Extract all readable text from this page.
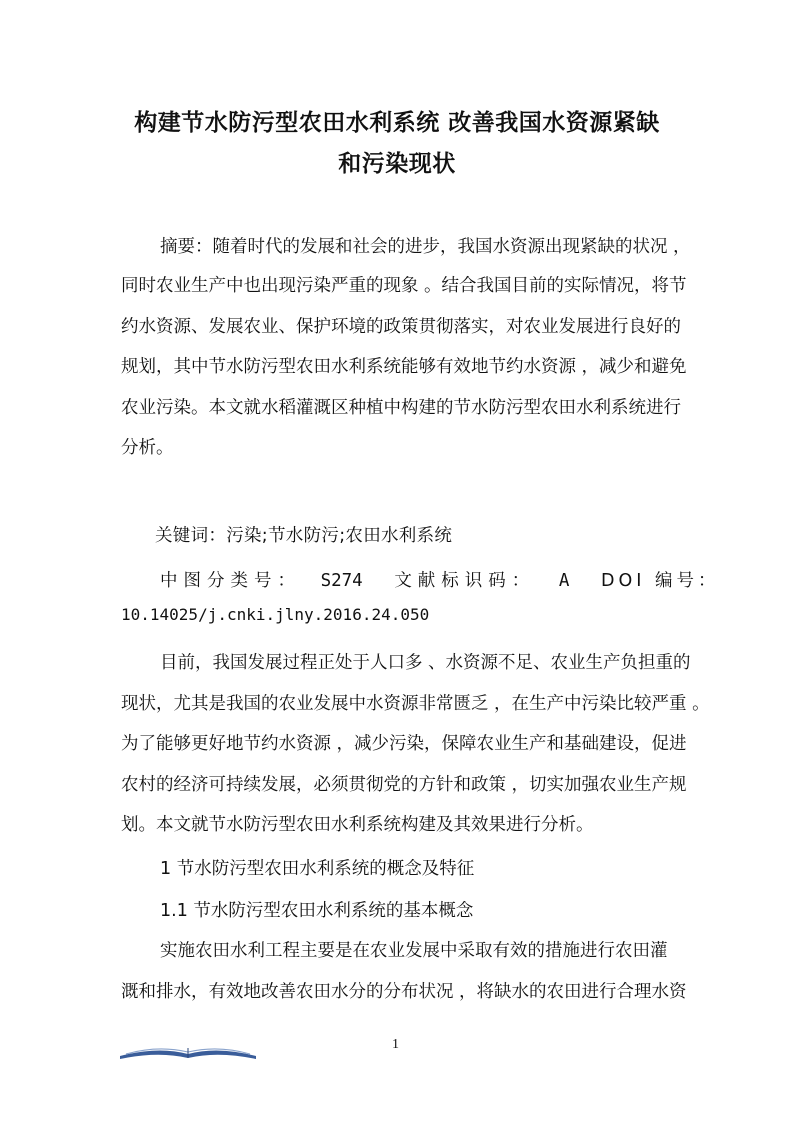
构建节水防污型农田水利系统 改善我国水资源紧缺
和污染现状
摘要：随着时代的发展和社会的进步，我国水资源出现紧缺的状况 ，
同时农业生产中也出现污染严重的现象 。结合我国目前的实际情况，将节
约水资源、发展农业、保护环境的政策贯彻落实，对农业发展进行良好的
规划，其中节水防污型农田水利系统能够有效地节约水资源 ，减少和避免
农业污染。本文就水稻灌溉区种植中构建的节水防污型农田水利系统进行
分析。
关键词：污染;节水防污;农田水利系统
中图分类号： S274 文献标识码： A DOI 编号：
10.14025/j.cnki.jlny.2016.24.050
目前，我国发展过程正处于人口多 、水资源不足、农业生产负担重的
现状，尤其是我国的农业发展中水资源非常匮乏 ，在生产中污染比较严重 。
为了能够更好地节约水资源 ，减少污染，保障农业生产和基础建设，促进
农村的经济可持续发展，必须贯彻党的方针和政策 ，切实加强农业生产规
划。本文就节水防污型农田水利系统构建及其效果进行分析。
1 节水防污型农田水利系统的概念及特征
1.1 节水防污型农田水利系统的基本概念
实施农田水利工程主要是在农业发展中采取有效的措施进行农田灌
溉和排水，有效地改善农田水分的分布状况 ，将缺水的农田进行合理水资
1
